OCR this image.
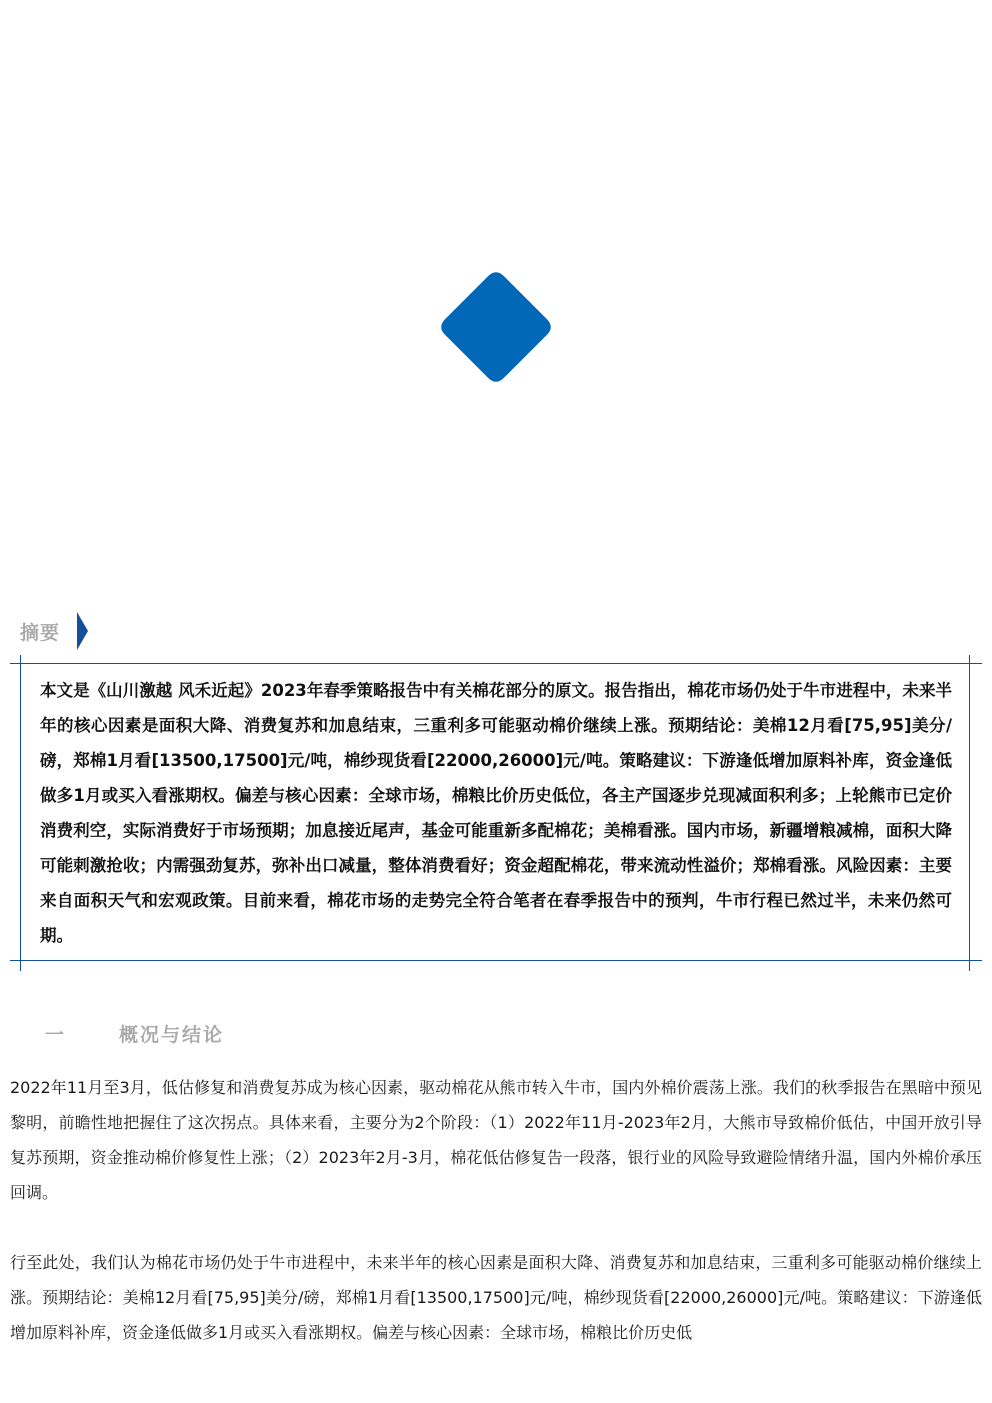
摘要

本文是《山川激越 风禾近起》2023年春季策略报告中有关棉花部分的原文。报告指出，棉花市场仍处于牛市进程中，未来半年的核心因素是面积大降、消费复苏和加息结束，三重利多可能驱动棉价继续上涨。预期结论：美棉12月看[75,95]美分/磅，郑棉1月看[13500,17500]元/吨，棉纱现货看[22000,26000]元/吨。策略建议：下游逢低增加原料补库，资金逢低做多1月或买入看涨期权。偏差与核心因素：全球市场，棉粮比价历史低位，各主产国逐步兑现减面积利多；上轮熊市已定价消费利空，实际消费好于市场预期；加息接近尾声，基金可能重新多配棉花；美棉看涨。国内市场，新疆增粮减棉，面积大降可能刺激抢收；内需强劲复苏，弥补出口减量，整体消费看好；资金超配棉花，带来流动性溢价；郑棉看涨。风险因素：主要来自面积天气和宏观政策。目前来看，棉花市场的走势完全符合笔者在春季报告中的预判，牛市行程已然过半，未来仍然可期。

一	概况与结论

2022年11月至3月，低估修复和消费复苏成为核心因素，驱动棉花从熊市转入牛市，国内外棉价震荡上涨。我们的秋季报告在黑暗中预见黎明，前瞻性地把握住了这次拐点。具体来看，主要分为2个阶段：（1）2022年11月-2023年2月，大熊市导致棉价低估，中国开放引导复苏预期，资金推动棉价修复性上涨；（2）2023年2月-3月，棉花低估修复告一段落，银行业的风险导致避险情绪升温，国内外棉价承压回调。

行至此处，我们认为棉花市场仍处于牛市进程中，未来半年的核心因素是面积大降、消费复苏和加息结束，三重利多可能驱动棉价继续上涨。预期结论：美棉12月看[75,95]美分/磅，郑棉1月看[13500,17500]元/吨，棉纱现货看[22000,26000]元/吨。策略建议：下游逢低增加原料补库，资金逢低做多1月或买入看涨期权。偏差与核心因素：全球市场，棉粮比价历史低
